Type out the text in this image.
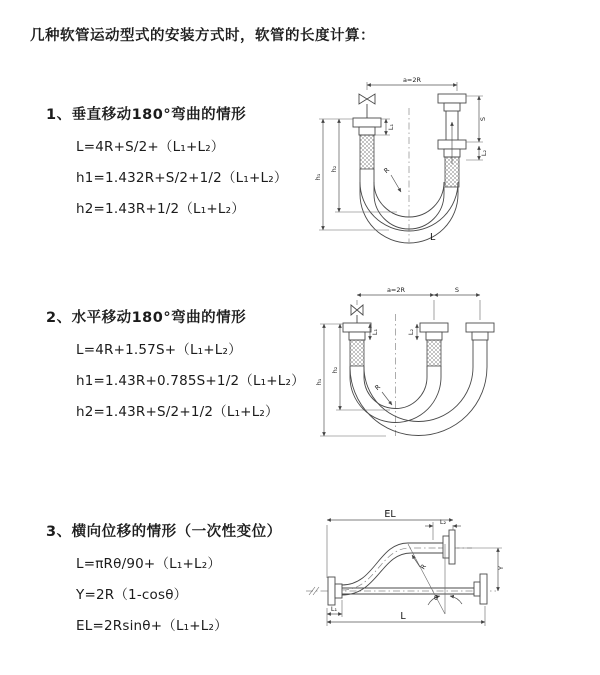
几种软管运动型式的安装方式时，软管的长度计算：
1、垂直移动180°弯曲的情形
L=4R+S/2+（L₁+L₂）
h1=1.432R+S/2+1/2（L₁+L₂）
h2=1.43R+1/2（L₁+L₂）
2、水平移动180°弯曲的情形
L=4R+1.57S+（L₁+L₂）
h1=1.43R+0.785S+1/2（L₁+L₂）
h2=1.43R+S/2+1/2（L₁+L₂）
3、横向位移的情形（一次性变位）
L=πRθ/90+（L₁+L₂）
Y=2R（1-cosθ）
EL=2Rsinθ+（L₁+L₂）
a=2R
S
L₂
L₁
h₁
h₂	R
L
a=2R	S
L₁	L₂
h₁
h₂
R
θ
EL
L₂
Y
R
L
L₁
